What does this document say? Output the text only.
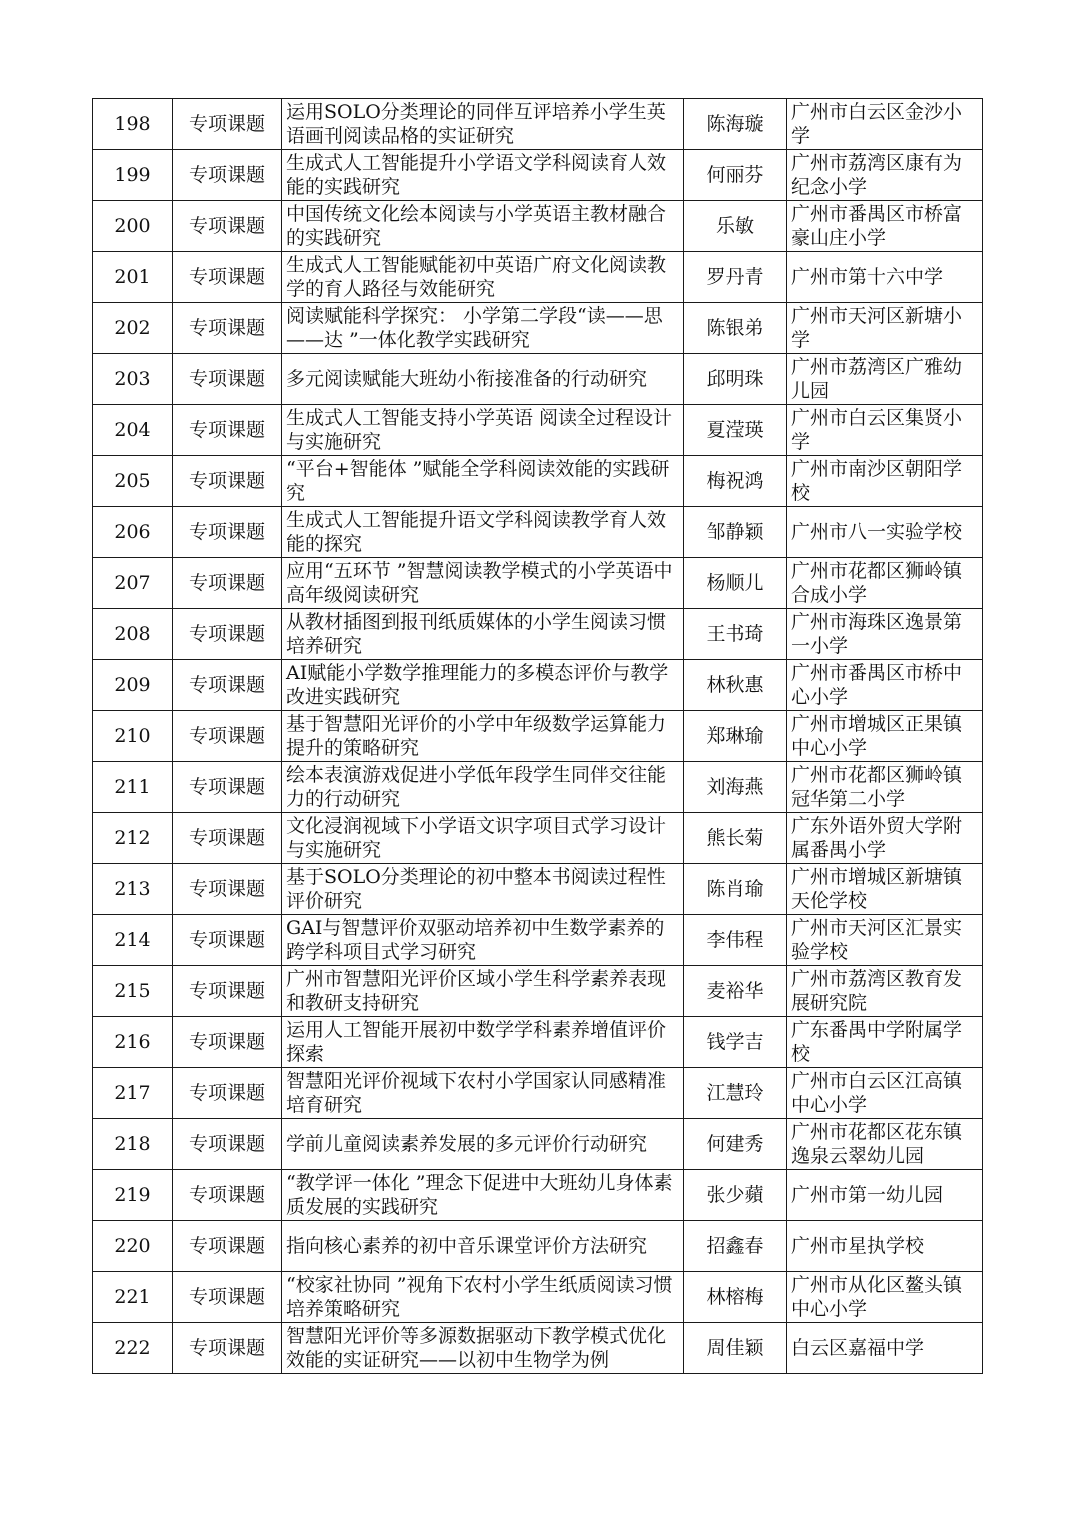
198	专项课题	运用SOLO分类理论的同伴互评培养小学生英语画刊阅读品格的实证研究	陈海璇	广州市白云区金沙小学
199	专项课题	生成式人工智能提升小学语文学科阅读育人效能的实践研究	何丽芬	广州市荔湾区康有为纪念小学
200	专项课题	中国传统文化绘本阅读与小学英语主教材融合的实践研究	乐敏	广州市番禺区市桥富豪山庄小学
201	专项课题	生成式人工智能赋能初中英语广府文化阅读教学的育人路径与效能研究	罗丹青	广州市第十六中学
202	专项课题	阅读赋能科学探究： 小学第二学段“读——思——达 ”一体化教学实践研究	陈银弟	广州市天河区新塘小学
203	专项课题	多元阅读赋能大班幼小衔接准备的行动研究	邱明珠	广州市荔湾区广雅幼儿园
204	专项课题	生成式人工智能支持小学英语 阅读全过程设计与实施研究	夏滢瑛	广州市白云区集贤小学
205	专项课题	“平台+智能体 ”赋能全学科阅读效能的实践研究	梅祝鸿	广州市南沙区朝阳学校
206	专项课题	生成式人工智能提升语文学科阅读教学育人效能的探究	邹静颖	广州市八一实验学校
207	专项课题	应用“五环节 ”智慧阅读教学模式的小学英语中高年级阅读研究	杨顺儿	广州市花都区狮岭镇合成小学
208	专项课题	从教材插图到报刊纸质媒体的小学生阅读习惯培养研究	王书琦	广州市海珠区逸景第一小学
209	专项课题	AI赋能小学数学推理能力的多模态评价与教学改进实践研究	林秋惠	广州市番禺区市桥中心小学
210	专项课题	基于智慧阳光评价的小学中年级数学运算能力提升的策略研究	郑琳瑜	广州市增城区正果镇中心小学
211	专项课题	绘本表演游戏促进小学低年段学生同伴交往能力的行动研究	刘海燕	广州市花都区狮岭镇冠华第二小学
212	专项课题	文化浸润视域下小学语文识字项目式学习设计与实施研究	熊长菊	广东外语外贸大学附属番禺小学
213	专项课题	基于SOLO分类理论的初中整本书阅读过程性评价研究	陈肖瑜	广州市增城区新塘镇天伦学校
214	专项课题	GAI与智慧评价双驱动培养初中生数学素养的跨学科项目式学习研究	李伟程	广州市天河区汇景实验学校
215	专项课题	广州市智慧阳光评价区域小学生科学素养表现和教研支持研究	麦裕华	广州市荔湾区教育发展研究院
216	专项课题	运用人工智能开展初中数学学科素养增值评价探索	钱学吉	广东番禺中学附属学校
217	专项课题	智慧阳光评价视域下农村小学国家认同感精准培育研究	江慧玲	广州市白云区江高镇中心小学
218	专项课题	学前儿童阅读素养发展的多元评价行动研究	何建秀	广州市花都区花东镇逸泉云翠幼儿园
219	专项课题	“教学评一体化 ”理念下促进中大班幼儿身体素质发展的实践研究	张少蘋	广州市第一幼儿园
220	专项课题	指向核心素养的初中音乐课堂评价方法研究	招鑫春	广州市星执学校
221	专项课题	“校家社协同 ”视角下农村小学生纸质阅读习惯培养策略研究	林榕梅	广州市从化区鳌头镇中心小学
222	专项课题	智慧阳光评价等多源数据驱动下教学模式优化效能的实证研究——以初中生物学为例	周佳颖	白云区嘉福中学
